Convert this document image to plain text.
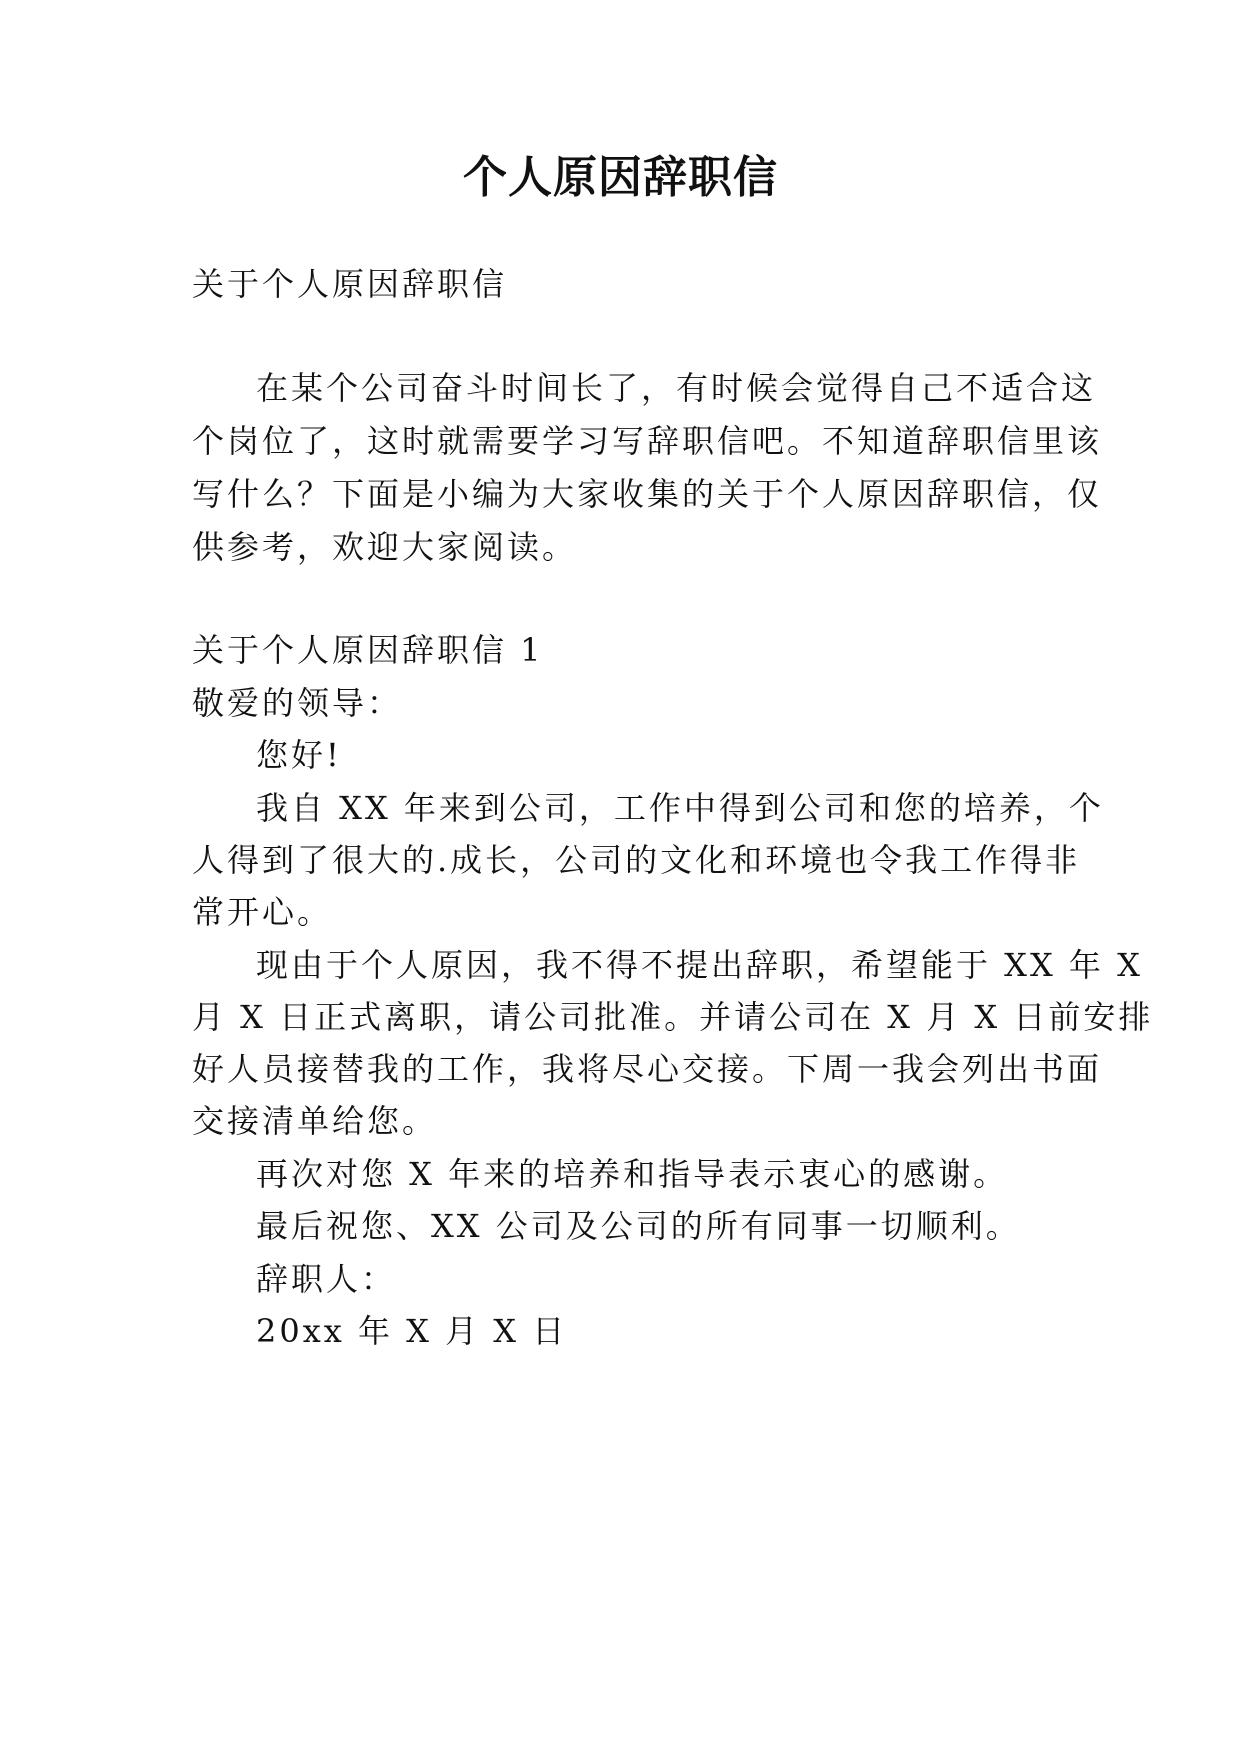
个人原因辞职信
关于个人原因辞职信
在某个公司奋斗时间长了，有时候会觉得自己不适合这
个岗位了，这时就需要学习写辞职信吧。不知道辞职信里该
写什么？下面是小编为大家收集的关于个人原因辞职信，仅
供参考，欢迎大家阅读。
关于个人原因辞职信 1
敬爱的领导：
您好!
我自 XX 年来到公司，工作中得到公司和您的培养，个
人得到了很大的.成长，公司的文化和环境也令我工作得非
常开心。
现由于个人原因，我不得不提出辞职，希望能于 XX 年 X
月 X 日正式离职，请公司批准。并请公司在 X 月 X 日前安排
好人员接替我的工作，我将尽心交接。下周一我会列出书面
交接清单给您。
再次对您 X 年来的培养和指导表示衷心的感谢。
最后祝您、XX 公司及公司的所有同事一切顺利。
辞职人：
20xx 年 X 月 X 日
